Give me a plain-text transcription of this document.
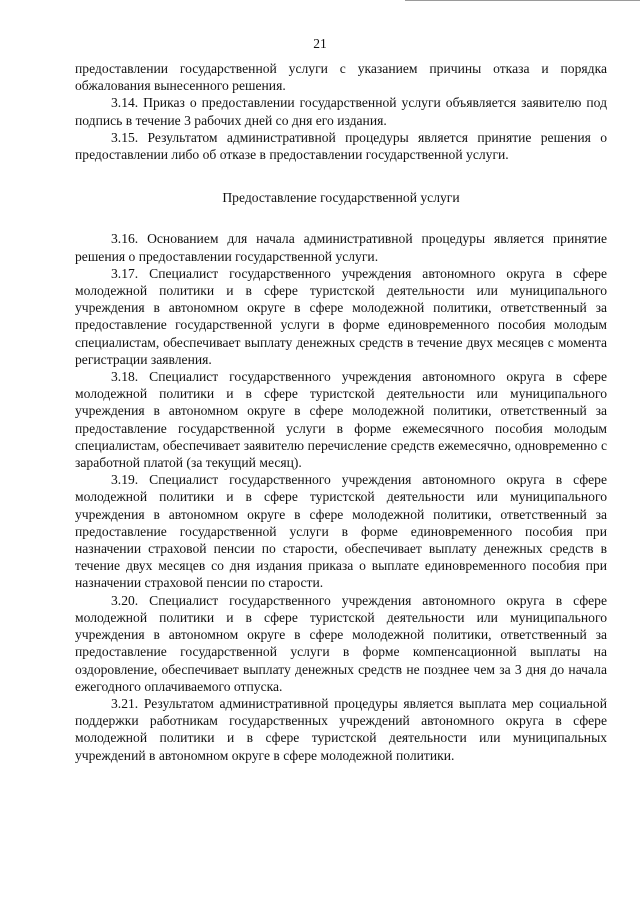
21

предоставлении государственной услуги с указанием причины отказа и порядка обжалования вынесенного решения.

3.14. Приказ о предоставлении государственной услуги объявляется заявителю под подпись в течение 3 рабочих дней со дня его издания.

3.15. Результатом административной процедуры является принятие решения о предоставлении либо об отказе в предоставлении государственной услуги.

Предоставление государственной услуги

3.16. Основанием для начала административной процедуры является принятие решения о предоставлении государственной услуги.

3.17. Специалист государственного учреждения автономного округа в сфере молодежной политики и в сфере туристской деятельности или муниципального учреждения в автономном округе в сфере молодежной политики, ответственный за предоставление государственной услуги в форме единовременного пособия молодым специалистам, обеспечивает выплату денежных средств в течение двух месяцев с момента регистрации заявления.

3.18. Специалист государственного учреждения автономного округа в сфере молодежной политики и в сфере туристской деятельности или муниципального учреждения в автономном округе в сфере молодежной политики, ответственный за предоставление государственной услуги в форме ежемесячного пособия молодым специалистам, обеспечивает заявителю перечисление средств ежемесячно, одновременно с заработной платой (за текущий месяц).

3.19. Специалист государственного учреждения автономного округа в сфере молодежной политики и в сфере туристской деятельности или муниципального учреждения в автономном округе в сфере молодежной политики, ответственный за предоставление государственной услуги в форме единовременного пособия при назначении страховой пенсии по старости, обеспечивает выплату денежных средств в течение двух месяцев со дня издания приказа о выплате единовременного пособия при назначении страховой пенсии по старости.

3.20. Специалист государственного учреждения автономного округа в сфере молодежной политики и в сфере туристской деятельности или муниципального учреждения в автономном округе в сфере молодежной политики, ответственный за предоставление государственной услуги в форме компенсационной выплаты на оздоровление, обеспечивает выплату денежных средств не позднее чем за 3 дня до начала ежегодного оплачиваемого отпуска.

3.21. Результатом административной процедуры является выплата мер социальной поддержки работникам государственных учреждений автономного округа в сфере молодежной политики и в сфере туристской деятельности или муниципальных учреждений в автономном округе в сфере молодежной политики.
